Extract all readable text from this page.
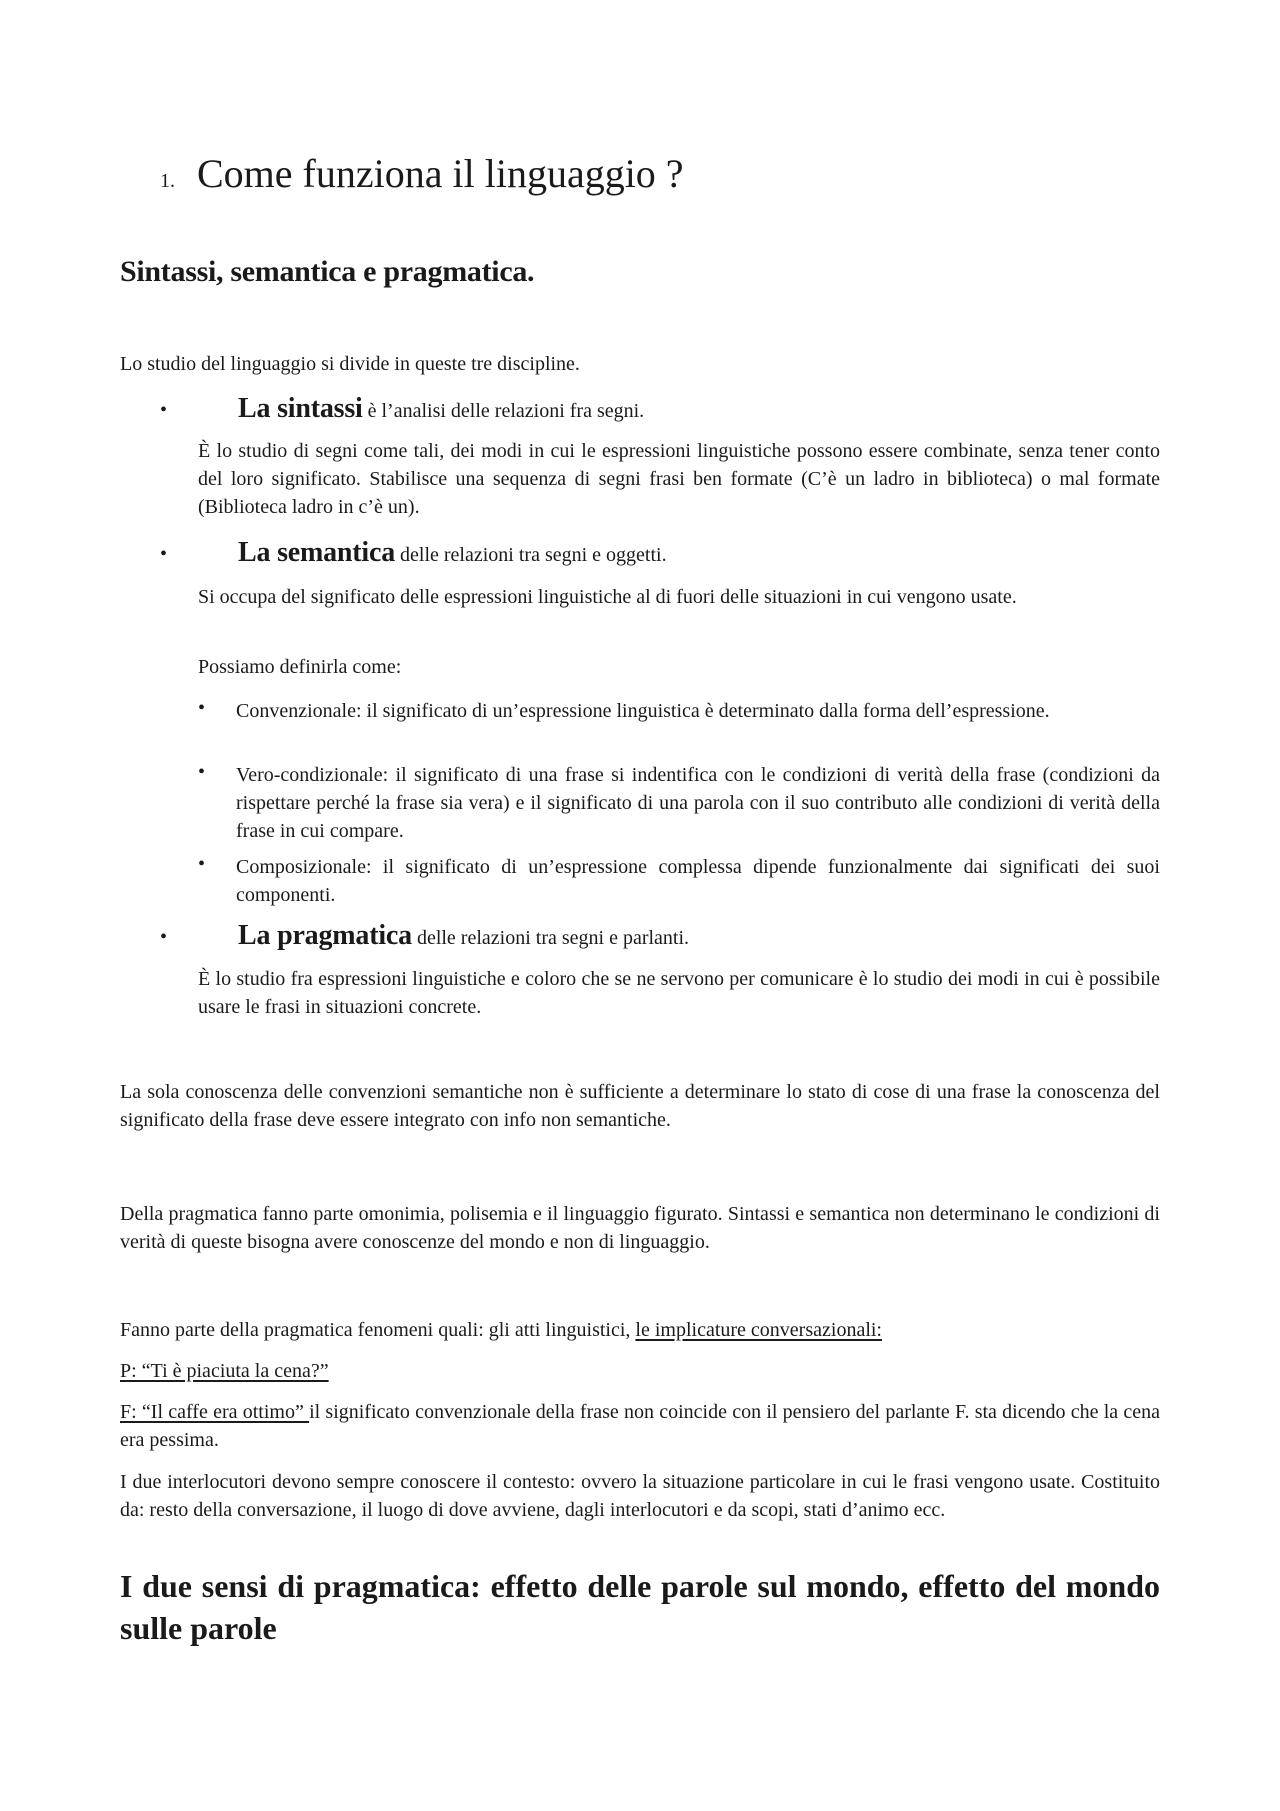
1. Come funziona il linguaggio ?
Sintassi, semantica e pragmatica.

Lo studio del linguaggio si divide in queste tre discipline.

•	La sintassi è l’analisi delle relazioni fra segni.

È lo studio di segni come tali, dei modi in cui le espressioni linguistiche possono essere combinate, senza tener conto del loro significato. Stabilisce una sequenza di segni frasi ben formate (C’è un ladro in biblioteca) o mal formate (Biblioteca ladro in c’è un).

•	La semantica delle relazioni tra segni e oggetti.

Si occupa del significato delle espressioni linguistiche al di fuori delle situazioni in cui vengono usate.

Possiamo definirla come:

• Convenzionale: il significato di un’espressione linguistica è determinato dalla forma dell’espressione.

• Vero-condizionale: il significato di una frase si indentifica con le condizioni di verità della frase (condizioni da rispettare perché la frase sia vera) e il significato di una parola con il suo contributo alle condizioni di verità della frase in cui compare.

• Composizionale: il significato di un’espressione complessa dipende funzionalmente dai significati dei suoi componenti.

•	La pragmatica delle relazioni tra segni e parlanti.

È lo studio fra espressioni linguistiche e coloro che se ne servono per comunicare è lo studio dei modi in cui è possibile usare le frasi in situazioni concrete.

La sola conoscenza delle convenzioni semantiche non è sufficiente a determinare lo stato di cose di una frase la conoscenza del significato della frase deve essere integrato con info non semantiche.

Della pragmatica fanno parte omonimia, polisemia e il linguaggio figurato. Sintassi e semantica non determinano le condizioni di verità di queste bisogna avere conoscenze del mondo e non di linguaggio.

Fanno parte della pragmatica fenomeni quali: gli atti linguistici, le implicature conversazionali:

P: “Ti è piaciuta la cena?”

F: “Il caffe era ottimo” il significato convenzionale della frase non coincide con il pensiero del parlante F. sta dicendo che la cena era pessima.

I due interlocutori devono sempre conoscere il contesto: ovvero la situazione particolare in cui le frasi vengono usate. Costituito da: resto della conversazione, il luogo di dove avviene, dagli interlocutori e da scopi, stati d’animo ecc.

I due sensi di pragmatica: effetto delle parole sul mondo, effetto del mondo sulle parole
